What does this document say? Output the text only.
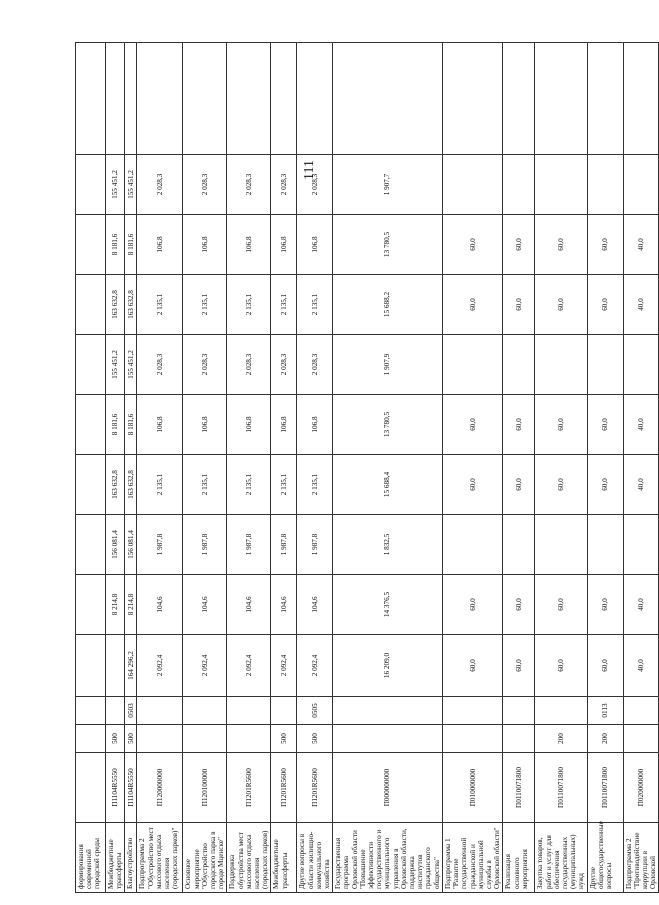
111
формирования современной городской среды													
Межбюджетные трансферты	П1104R5550	500			8 214,8	156 081,4	163 632,8	8 181,6	155 451,2	163 632,8	8 181,6	155 451,2	
Благоустройство	П1104R5550	500	0503	164 296,2	8 214,8	156 081,4	163 632,8	8 181,6	155 451,2	163 632,8	8 181,6	155 451,2	
Подпрограмма 2 "Обустройство мест массового отдыха населения (городских парков)"	П120000000			2 092,4	104,6	1 987,8	2 135,1	106,8	2 028,3	2 135,1	106,8	2 028,3	
Основное мероприятие "Обустройство городского парка в городе Мценске"	П120100000			2 092,4	104,6	1 987,8	2 135,1	106,8	2 028,3	2 135,1	106,8	2 028,3	
Поддержка обустройства мест массового отдыха населения (городских парков)	П1201R5600			2 092,4	104,6	1 987,8	2 135,1	106,8	2 028,3	2 135,1	106,8	2 028,3	
Межбюджетные трансферты	П1201R5600	500		2 092,4	104,6	1 987,8	2 135,1	106,8	2 028,3	2 135,1	106,8	2 028,3	
Другие вопросы в области жилищно-коммунального хозяйства	П1201R5600	500	0505	2 092,4	104,6	1 987,8	2 135,1	106,8	2 028,3	2 135,1	106,8	2 028,3	
Государственная программа Орловской области "Повышение эффективности государственного и муниципального управления в Орловской области, поддержка институтов гражданского общества"	П000000000			16 209,0	14 376,5	1 832,5	15 688,4	13 780,5	1 907,9	15 688,2	13 780,5	1 907,7	
Подпрограмма 1 "Развитие государственной гражданской и муниципальной службы в Орловской области"	П010000000			60,0	60,0		60,0	60,0		60,0	60,0		
Реализация основного мероприятия	П0110071800			60,0	60,0		60,0	60,0		60,0	60,0		
Закупка товаров, работ и услуг для обеспечения государственных (муниципальных) нужд	П0110071800	200		60,0	60,0		60,0	60,0		60,0	60,0		
Другие общегосударственные вопросы	П0110071800	200	0113	60,0	60,0		60,0	60,0		60,0	60,0		
Подпрограмма 2 "Противодействие коррупции в Орловской	П020000000			40,0	40,0		40,0	40,0		40,0	40,0		
